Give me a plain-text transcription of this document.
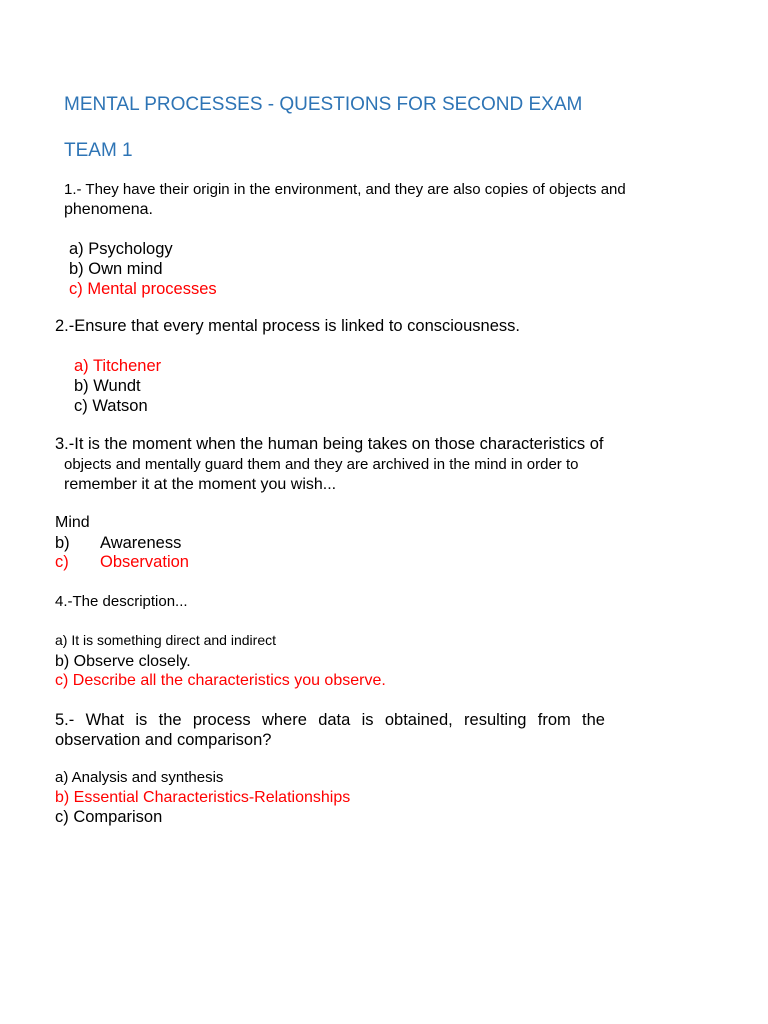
MENTAL PROCESSES - QUESTIONS FOR SECOND EXAM
TEAM 1
1.- They have their origin in the environment, and they are also copies of objects and
phenomena.
a) Psychology
b) Own mind
c) Mental processes
2.-Ensure that every mental process is linked to consciousness.
a) Titchener
b) Wundt
c) Watson
3.-It is the moment when the human being takes on those characteristics of
objects and mentally guard them and they are archived in the mind in order to
remember it at the moment you wish...
Mind
b) Awareness
c) Observation
4.-The description...
a) It is something direct and indirect
b) Observe closely.
c) Describe all the characteristics you observe.
5.- What is the process where data is obtained, resulting from the
observation and comparison?
a) Analysis and synthesis
b) Essential Characteristics-Relationships
c) Comparison
